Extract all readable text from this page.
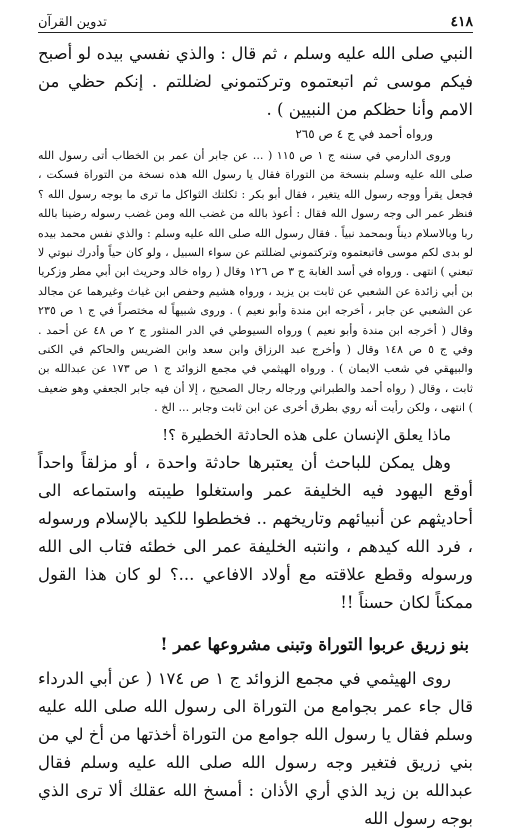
٤١٨
تدوين القرآن

النبي صلى الله عليه وسلم ، ثم قال : والذي نفسي بيده لو أصبح فيكم موسى ثم اتبعتموه وتركتموني لضللتم . إنكم حظي من الامم وأنا حظكم من النبيين ) .

ورواه أحمد في ج ٤ ص ٢٦٥

وروى الدارمي في سننه ج ١ ص ١١٥ ( ... عن جابر أن عمر بن الخطاب أتى رسول الله صلى الله عليه وسلم بنسخة من التوراة فقال يا رسول الله هذه نسخة من التوراة فسكت ، فجعل يقرأ ووجه رسول الله يتغير ، فقال أبو بكر : ثكلتك الثواكل ما ترى ما بوجه رسول الله ؟ فنظر عمر الى وجه رسول الله فقال : أعوذ بالله من غضب الله ومن غضب رسوله رضينا بالله ربا وبالاسلام ديناً وبمحمد نبياً . فقال رسول الله صلى الله عليه وسلم : والذي نفس محمد بيده لو بدى لكم موسى فاتبعتموه وتركتموني لضللتم عن سواء السبيل ، ولو كان حياً وأدرك نبوتي لا تبعني ) انتهى . ورواه في أسد الغابة ج ٣ ص ١٢٦ وقال ( رواه خالد وحريث ابن أبي مطر وزكريا بن أبي زائدة عن الشعبي عن ثابت بن يزيد ، ورواه هشيم وحفص ابن غياث وغيرهما عن مجالد عن الشعبي عن جابر ، أخرجه ابن مندة وأبو نعيم ) . وروى شبيهاً له مختصراً في ج ١ ص ٢٣٥ وقال ( أخرجه ابن مندة وأبو نعيم ) ورواه السيوطي في الدر المنثور ج ٢ ص ٤٨ عن أحمد . وفي ج ٥ ص ١٤٨ وقال ( وأخرج عبد الرزاق وابن سعد وابن الضريس والحاكم في الكنى والبيهقي في شعب الايمان ) . ورواه الهيثمي في مجمع الزوائد ج ١ ص ١٧٣ عن عبدالله بن ثابت ، وقال ( رواه أحمد والطبراني ورجاله رجال الصحيح ، إلا أن فيه جابر الجعفي وهو ضعيف ) انتهى ، ولكن رأيت أنه روي بطرق أخرى عن ابن ثابت وجابر ... الخ .

ماذا يعلق الإنسان على هذه الحادثة الخطيرة ؟!

وهل يمكن للباحث أن يعتبرها حادثة واحدة ، أو مزلقاً واحداً أوقع اليهود فيه الخليفة عمر واستغلوا طيبته واستماعه الى أحاديثهم عن أنبيائهم وتاريخهم .. فخططوا للكيد بالإسلام ورسوله ، فرد الله كيدهم ، وانتبه الخليفة عمر الى خطئه فتاب الى الله ورسوله وقطع علاقته مع أولاد الافاعي ...؟ لو كان هذا القول ممكناً لكان حسناً !!

بنو زريق عربوا التوراة وتبنى مشروعها عمر !

روى الهيثمي في مجمع الزوائد ج ١ ص ١٧٤ ( عن أبي الدرداء قال جاء عمر بجوامع من التوراة الى رسول الله صلى الله عليه وسلم فقال يا رسول الله جوامع من التوراة أخذتها من أخ لي من بني زريق فتغير وجه رسول الله صلى الله عليه وسلم فقال عبدالله بن زيد الذي أري الأذان : أمسخ الله عقلك ألا ترى الذي بوجه رسول الله
